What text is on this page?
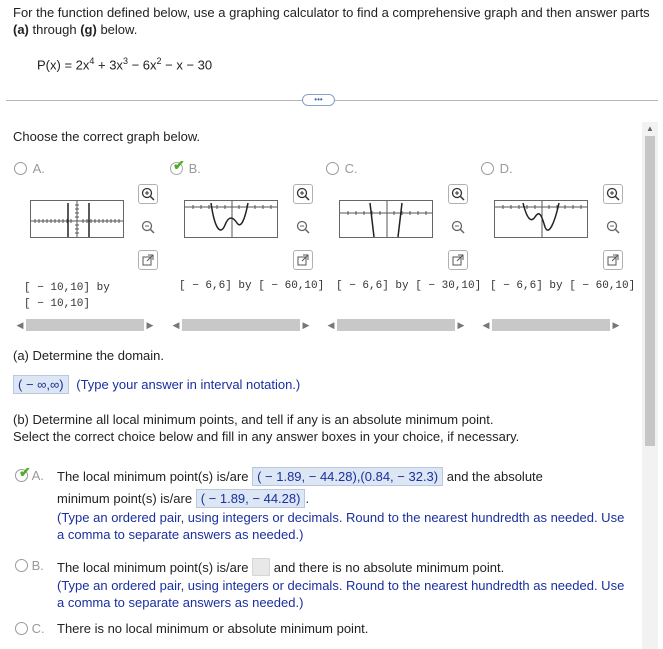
For the function defined below, use a graphing calculator to find a comprehensive graph and then answer parts
(a) through (g) below.
$P(x) = 2x^4 + 3x^3 - 6x^2 - x - 30$
•••
▲
Choose the correct graph below.
A.
[ − 10,10] by
[ − 10,10]

✔ B.
[ − 6,6] by [ − 60,10]
C.
[ − 6,6] by [ − 30,10]
D.
[ − 6,6] by [ − 60,10]
◀	▶ ◀	▶ ◀	▶ ◀	▶
(a) Determine the domain.
( − ∞,∞) (Type your answer in interval notation.)
(b) Determine all local minimum points, and tell if any is an absolute minimum point.
Select the correct choice below and fill in any answer boxes in your choice, if necessary.

✔ A.	The local minimum point(s) is/are ( − 1.89, − 44.28),(0.84, − 32.3) and the absolute
minimum point(s) is/are ( − 1.89, − 44.28) .
(Type an ordered pair, using integers or decimals. Round to the nearest hundredth as needed. Use
a comma to separate answers as needed.)
B. The local minimum point(s) is/are and there is no absolute minimum point.
(Type an ordered pair, using integers or decimals. Round to the nearest hundredth as needed. Use
a comma to separate answers as needed.)
C. There is no local minimum or absolute minimum point.
